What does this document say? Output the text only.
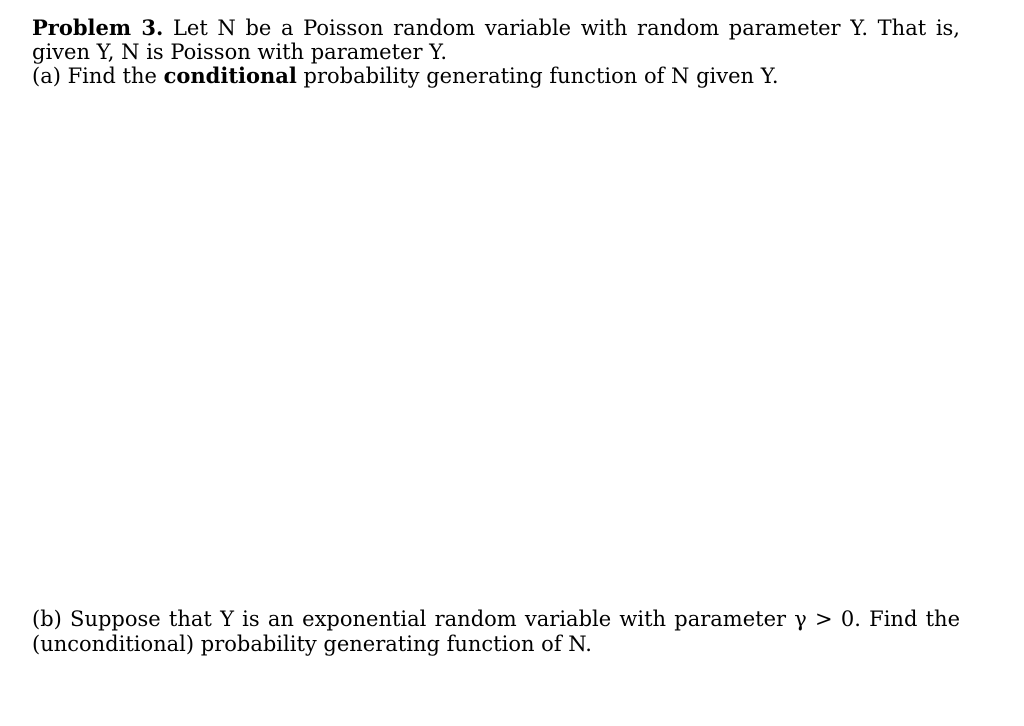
Problem 3. Let N be a Poisson random variable with random parameter Y. That is,

given Y, N is Poisson with parameter Y.

(a) Find the conditional probability generating function of N given Y.

(b) Suppose that Y is an exponential random variable with parameter γ > 0. Find the

(unconditional) probability generating function of N.
